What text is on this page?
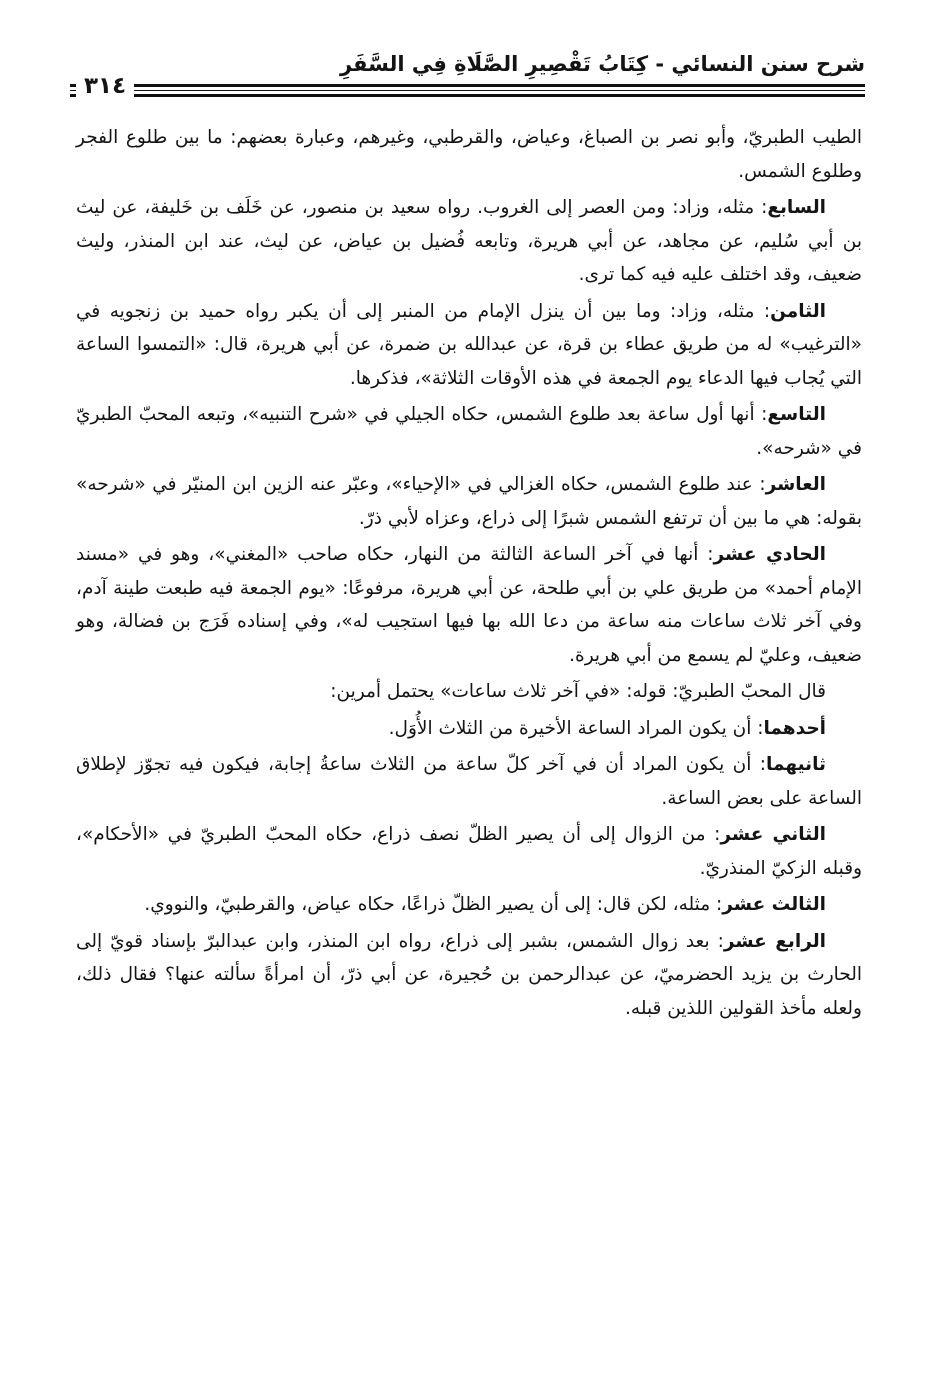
شرح سنن النسائي - كِتَابُ تَقْصِيرِ الصَّلَاةِ فِي السَّفَرِ
٣١٤

الطيب الطبريّ، وأبو نصر بن الصباغ، وعياض، والقرطبي، وغيرهم، وعبارة بعضهم: ما بين طلوع الفجر وطلوع الشمس.

السابع: مثله، وزاد: ومن العصر إلى الغروب. رواه سعيد بن منصور، عن خَلَف بن خَليفة، عن ليث بن أبي سُليم، عن مجاهد، عن أبي هريرة، وتابعه فُضيل بن عياض، عن ليث، عند ابن المنذر، وليث ضعيف، وقد اختلف عليه فيه كما ترى.

الثامن: مثله، وزاد: وما بين أن ينزل الإمام من المنبر إلى أن يكبر رواه حميد بن زنجويه في «الترغيب» له من طريق عطاء بن قرة، عن عبدالله بن ضمرة، عن أبي هريرة، قال: «التمسوا الساعة التي يُجاب فيها الدعاء يوم الجمعة في هذه الأوقات الثلاثة»، فذكرها.

التاسع: أنها أول ساعة بعد طلوع الشمس، حكاه الجيلي في «شرح التنبيه»، وتبعه المحبّ الطبريّ في «شرحه».

العاشر: عند طلوع الشمس، حكاه الغزالي في «الإحياء»، وعبّر عنه الزين ابن المنيّر في «شرحه» بقوله: هي ما بين أن ترتفع الشمس شبرًا إلى ذراع، وعزاه لأبي ذرّ.

الحادي عشر: أنها في آخر الساعة الثالثة من النهار، حكاه صاحب «المغني»، وهو في «مسند الإمام أحمد» من طريق علي بن أبي طلحة، عن أبي هريرة، مرفوعًا: «يوم الجمعة فيه طبعت طينة آدم، وفي آخر ثلاث ساعات منه ساعة من دعا الله بها فيها استجيب له»، وفي إسناده فَرَج بن فضالة، وهو ضعيف، وعليّ لم يسمع من أبي هريرة.

قال المحبّ الطبريّ: قوله: «في آخر ثلاث ساعات» يحتمل أمرين:

أحدهما: أن يكون المراد الساعة الأخيرة من الثلاث الأُوَل.

ثانيهما: أن يكون المراد أن في آخر كلّ ساعة من الثلاث ساعةُ إجابة، فيكون فيه تجوّز لإطلاق الساعة على بعض الساعة.

الثاني عشر: من الزوال إلى أن يصير الظلّ نصف ذراع، حكاه المحبّ الطبريّ في «الأحكام»، وقبله الزكيّ المنذريّ.

الثالث عشر: مثله، لكن قال: إلى أن يصير الظلّ ذراعًا، حكاه عياض، والقرطبيّ، والنووي.

الرابع عشر: بعد زوال الشمس، بشبر إلى ذراع، رواه ابن المنذر، وابن عبدالبرّ بإسناد قويّ إلى الحارث بن يزيد الحضرميّ، عن عبدالرحمن بن حُجيرة، عن أبي ذرّ، أن امرأةً سألته عنها؟ فقال ذلك، ولعله مأخذ القولين اللذين قبله.
